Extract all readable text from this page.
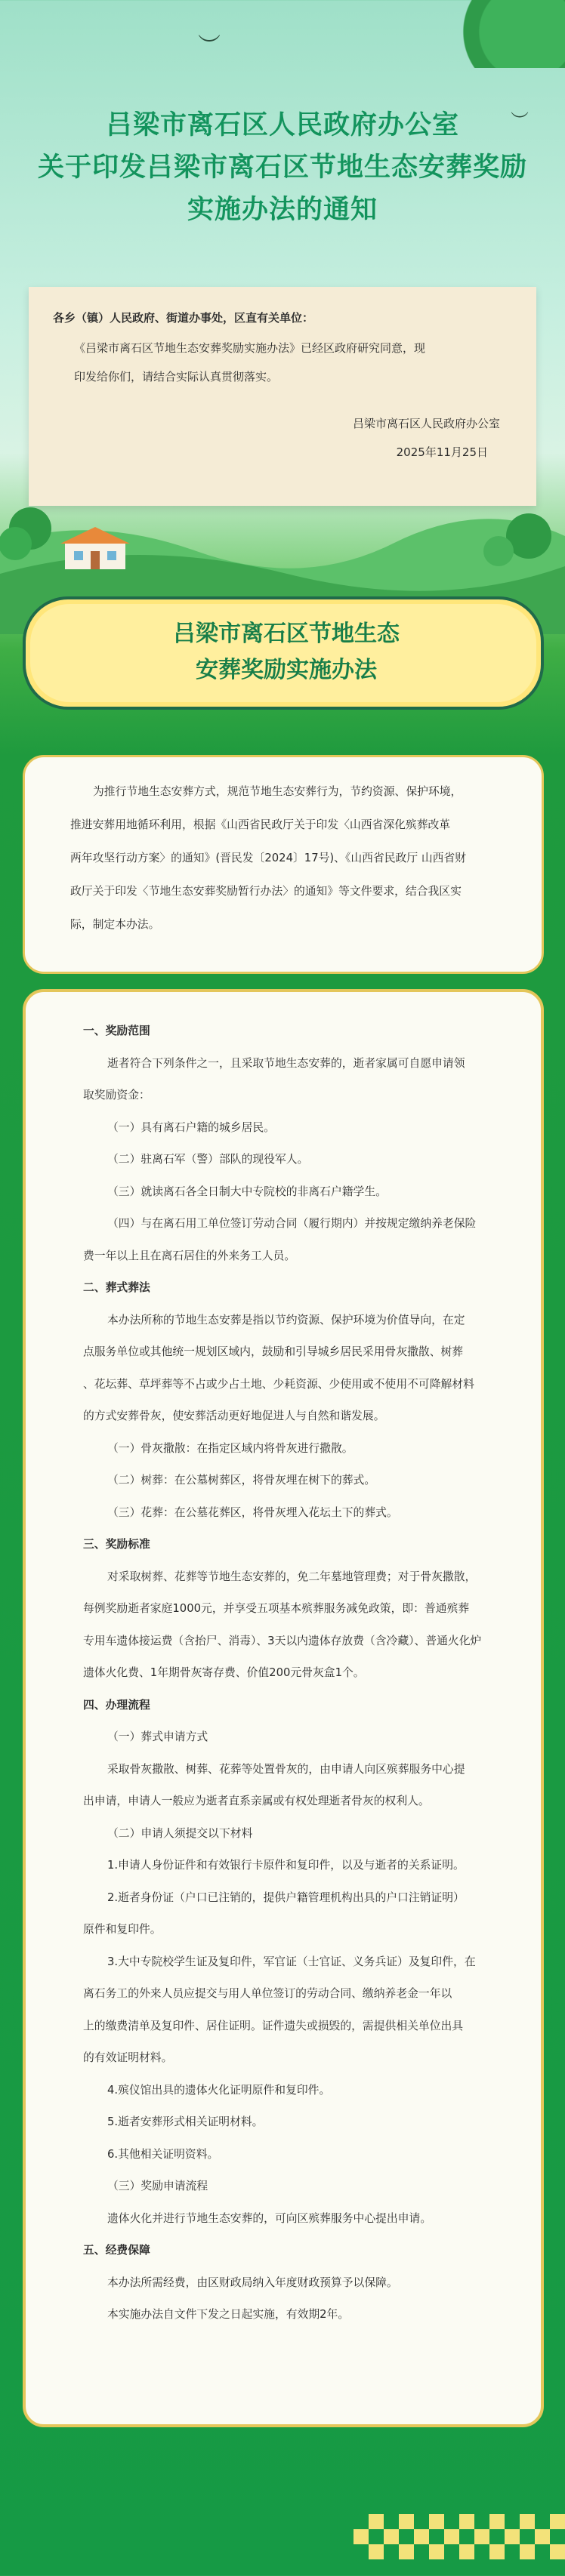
︶
︶
吕梁市离石区人民政府办公室
关于印发吕梁市离石区节地生态安葬奖励
实施办法的通知
各乡（镇）人民政府、街道办事处，区直有关单位：
《吕梁市离石区节地生态安葬奖励实施办法》已经区政府研究同意，现
印发给你们，请结合实际认真贯彻落实。
吕梁市离石区人民政府办公室
2025年11月25日
吕梁市离石区节地生态
安葬奖励实施办法
为推行节地生态安葬方式，规范节地生态安葬行为，节约资源、保护环境，
推进安葬用地循环利用，根据《山西省民政厅关于印发〈山西省深化殡葬改革
两年攻坚行动方案〉的通知》(晋民发〔2024〕17号)、《山西省民政厅 山西省财
政厅关于印发〈节地生态安葬奖励暂行办法〉的通知》等文件要求，结合我区实
际，制定本办法。
一、奖励范围
逝者符合下列条件之一，且采取节地生态安葬的，逝者家属可自愿申请领
取奖励资金：
（一）具有离石户籍的城乡居民。
（二）驻离石军（警）部队的现役军人。
（三）就读离石各全日制大中专院校的非离石户籍学生。
（四）与在离石用工单位签订劳动合同（履行期内）并按规定缴纳养老保险
费一年以上且在离石居住的外来务工人员。
二、葬式葬法
本办法所称的节地生态安葬是指以节约资源、保护环境为价值导向，在定
点服务单位或其他统一规划区域内，鼓励和引导城乡居民采用骨灰撒散、树葬
、花坛葬、草坪葬等不占或少占土地、少耗资源、少使用或不使用不可降解材料
的方式安葬骨灰，使安葬活动更好地促进人与自然和谐发展。
（一）骨灰撒散：在指定区域内将骨灰进行撒散。
（二）树葬：在公墓树葬区，将骨灰埋在树下的葬式。
（三）花葬：在公墓花葬区，将骨灰埋入花坛土下的葬式。
三、奖励标准
对采取树葬、花葬等节地生态安葬的，免二年墓地管理费；对于骨灰撒散，
每例奖励逝者家庭1000元，并享受五项基本殡葬服务减免政策，即：普通殡葬
专用车遗体接运费（含抬尸、消毒）、3天以内遗体存放费（含冷藏）、普通火化炉
遗体火化费、1年期骨灰寄存费、价值200元骨灰盒1个。
四、办理流程
（一）葬式申请方式
采取骨灰撒散、树葬、花葬等处置骨灰的，由申请人向区殡葬服务中心提
出申请，申请人一般应为逝者直系亲属或有权处理逝者骨灰的权利人。
（二）申请人须提交以下材料
1.申请人身份证件和有效银行卡原件和复印件，以及与逝者的关系证明。
2.逝者身份证（户口已注销的，提供户籍管理机构出具的户口注销证明）
原件和复印件。
3.大中专院校学生证及复印件，军官证（士官证、义务兵证）及复印件，在
离石务工的外来人员应提交与用人单位签订的劳动合同、缴纳养老金一年以
上的缴费清单及复印件、居住证明。证件遗失或损毁的，需提供相关单位出具
的有效证明材料。
4.殡仪馆出具的遗体火化证明原件和复印件。
5.逝者安葬形式相关证明材料。
6.其他相关证明资料。
（三）奖励申请流程
遗体火化并进行节地生态安葬的，可向区殡葬服务中心提出申请。
五、经费保障
本办法所需经费，由区财政局纳入年度财政预算予以保障。
本实施办法自文件下发之日起实施，有效期2年。
